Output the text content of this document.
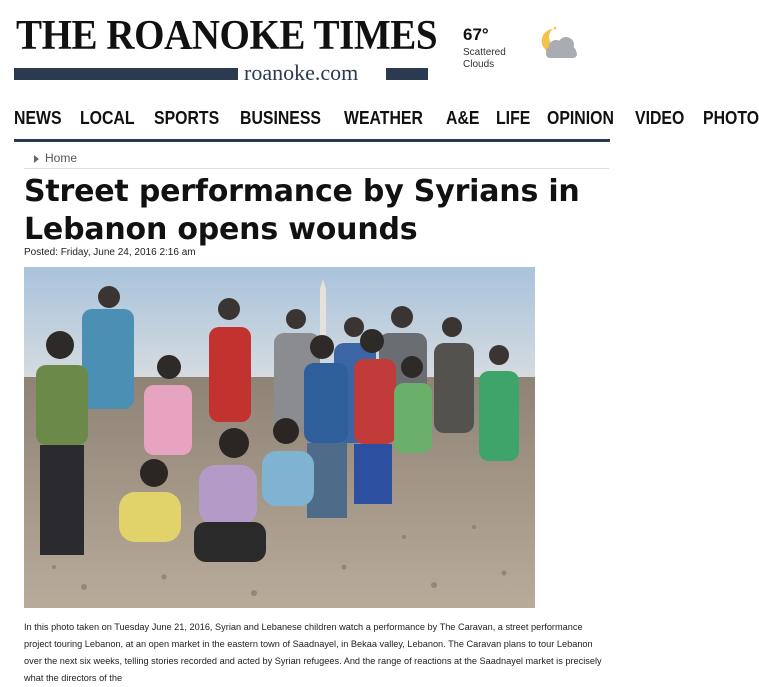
THE ROANOKE TIMES
roanoke.com
67°
Scattered Clouds
NEWS LOCAL SPORTS BUSINESS WEATHER A&E LIFE OPINION VIDEO PHOTO
Home
Street performance by Syrians in Lebanon opens wounds
Posted: Friday, June 24, 2016 2:16 am

In this photo taken on Tuesday June 21, 2016, Syrian and Lebanese children watch a performance by The Caravan, a street performance project touring Lebanon, at an open market in the eastern town of Saadnayel, in Bekaa valley, Lebanon. The Caravan plans to tour Lebanon over the next six weeks, telling stories recorded and acted by Syrian refugees. And the range of reactions at the Saadnayel market is precisely what the directors of the
